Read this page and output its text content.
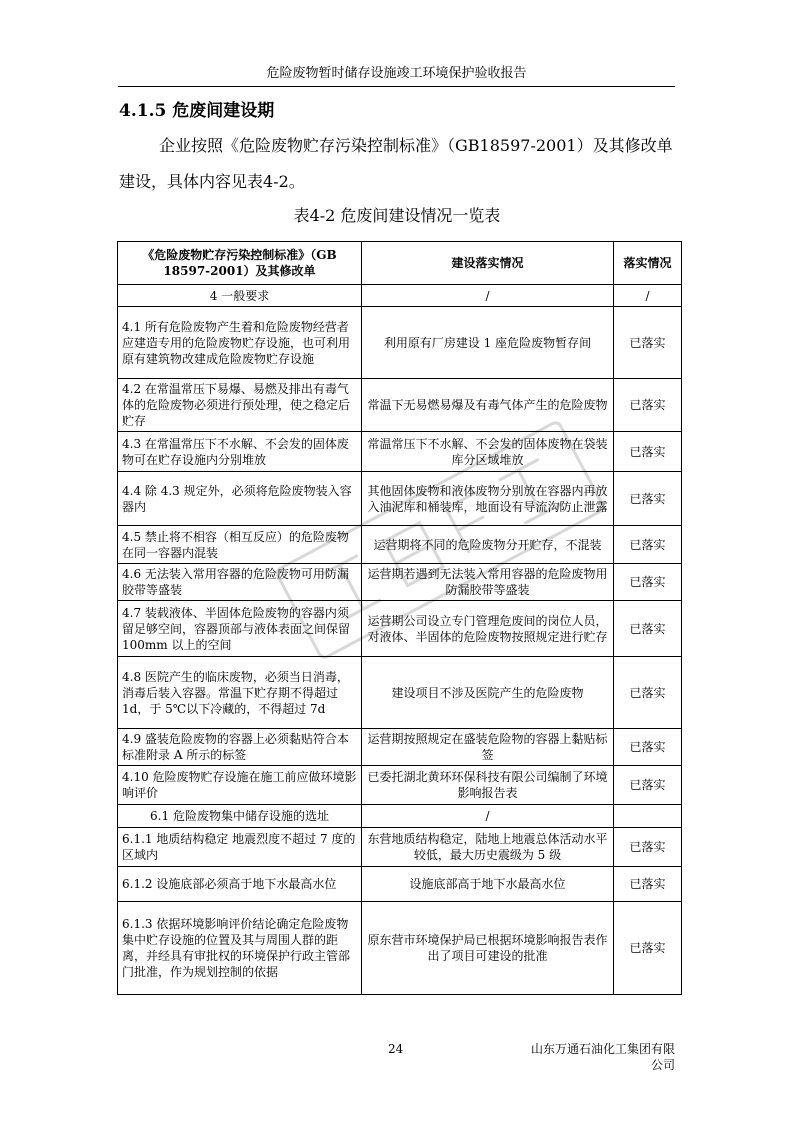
危险废物暂时储存设施竣工环境保护验收报告
4.1.5 危废间建设期
企业按照《危险废物贮存污染控制标准》（GB18597-2001）及其修改单建设，具体内容见表4-2。
表4-2 危废间建设情况一览表
《危险废物贮存污染控制标准》（GB 18597-2001）及其修改单	建设落实情况	落实情况
4 一般要求	/	/
4.1 所有危险废物产生着和危险废物经营者应建造专用的危险废物贮存设施，也可利用原有建筑物改建成危险废物贮存设施	利用原有厂房建设 1 座危险废物暂存间	已落实
4.2 在常温常压下易爆、易燃及排出有毒气体的危险废物必须进行预处理，使之稳定后贮存	常温下无易燃易爆及有毒气体产生的危险废物	已落实
4.3 在常温常压下不水解、不会发的固体废物可在贮存设施内分别堆放	常温常压下不水解、不会发的固体废物在袋装库分区域堆放	已落实
4.4 除 4.3 规定外，必须将危险废物装入容器内	其他固体废物和液体废物分别放在容器内再放入油泥库和桶装库，地面设有导流沟防止泄露	已落实
4.5 禁止将不相容（相互反应）的危险废物在同一容器内混装	运营期将不同的危险废物分开贮存，不混装	已落实
4.6 无法装入常用容器的危险废物可用防漏胶带等盛装	运营期若遇到无法装入常用容器的危险废物用防漏胶带等盛装	已落实
4.7 装载液体、半固体危险废物的容器内须留足够空间，容器顶部与液体表面之间保留 100mm 以上的空间	运营期公司设立专门管理危废间的岗位人员，对液体、半固体的危险废物按照规定进行贮存	已落实
4.8 医院产生的临床废物，必须当日消毒，消毒后装入容器。常温下贮存期不得超过 1d，于 5℃以下冷藏的，不得超过 7d	建设项目不涉及医院产生的危险废物	已落实
4.9 盛装危险废物的容器上必须黏贴符合本标准附录 A 所示的标签	运营期按照规定在盛装危险物的容器上黏贴标签	已落实
4.10 危险废物贮存设施在施工前应做环境影响评价	已委托湖北黄环环保科技有限公司编制了环境影响报告表	已落实
6.1 危险废物集中储存设施的选址	/	
6.1.1 地质结构稳定 地震烈度不超过 7 度的区域内	东营地质结构稳定，陆地上地震总体活动水平较低，最大历史震级为 5 级	已落实
6.1.2 设施底部必须高于地下水最高水位	设施底部高于地下水最高水位	已落实
6.1.3 依据环境影响评价结论确定危险废物集中贮存设施的位置及其与周围人群的距离，并经具有审批权的环境保护行政主管部门批准，作为规划控制的依据	原东营市环境保护局已根据环境影响报告表作出了项目可建设的批准	已落实
24	山东万通石油化工集团有限公司
